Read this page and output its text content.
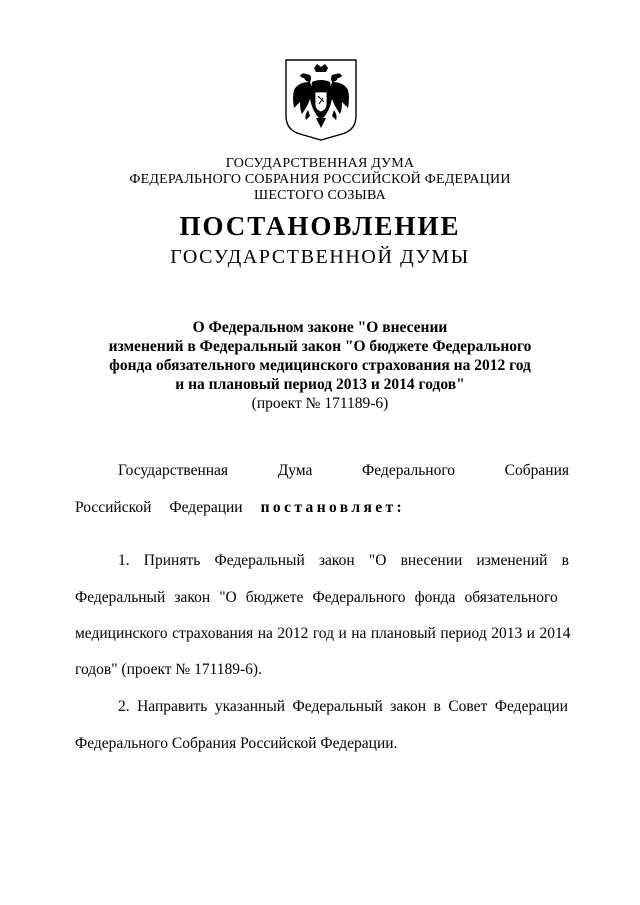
ГОСУДАРСТВЕННАЯ ДУМА
ФЕДЕРАЛЬНОГО СОБРАНИЯ РОССИЙСКОЙ ФЕДЕРАЦИИ
ШЕСТОГО СОЗЫВА
ПОСТАНОВЛЕНИЕ
ГОСУДАРСТВЕННОЙ ДУМЫ
О Федеральном законе "О внесении
изменений в Федеральный закон "О бюджете Федерального
фонда обязательного медицинского страхования на 2012 год
и на плановый период 2013 и 2014 годов"
(проект № 171189-6)
Государственная	Дума	Федерального	Собрания
Российской Федерации постановляет:
1. Принять Федеральный закон "О внесении изменений в
Федеральный закон "О бюджете Федерального фонда обязательного
медицинского страхования на 2012 год и на плановый период 2013 и 2014
годов" (проект № 171189-6).
2. Направить указанный Федеральный закон в Совет Федерации
Федерального Собрания Российской Федерации.
